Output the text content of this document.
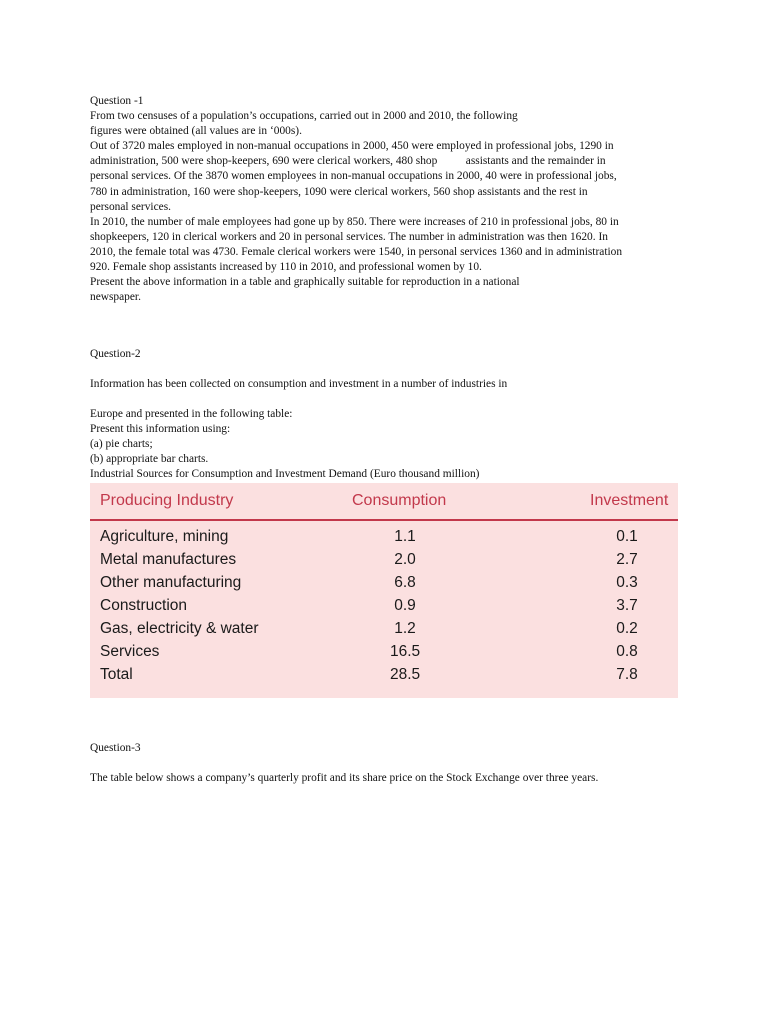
Question -1
From two censuses of a population’s occupations, carried out in 2000 and 2010, the following
figures were obtained (all values are in ‘000s).
Out of 3720 males employed in non-manual occupations in 2000, 450 were employed in professional jobs, 1290 in
administration, 500 were shop-keepers, 690 were clerical workers, 480 shop          assistants and the remainder in
personal services. Of the 3870 women employees in non-manual occupations in 2000, 40 were in professional jobs,
780 in administration, 160 were shop-keepers, 1090 were clerical workers, 560 shop assistants and the rest in
personal services.
In 2010, the number of male employees had gone up by 850. There were increases of 210 in professional jobs, 80 in
shopkeepers, 120 in clerical workers and 20 in personal services. The number in administration was then 1620. In
2010, the female total was 4730. Female clerical workers were 1540, in personal services 1360 and in administration
920. Female shop assistants increased by 110 in 2010, and professional women by 10.
Present the above information in a table and graphically suitable for reproduction in a national
newspaper.
Question-2
Information has been collected on consumption and investment in a number of industries in
Europe and presented in the following table:
Present this information using:
(a) pie charts;
(b) appropriate bar charts.
Industrial Sources for Consumption and Investment Demand (Euro thousand million)
Producing Industry	Consumption	Investment
Agriculture, mining	1.1	0.1
Metal manufactures	2.0	2.7
Other manufacturing	6.8	0.3
Construction	0.9	3.7
Gas, electricity & water	1.2	0.2
Services	16.5	0.8
Total	28.5	7.8
Question-3
The table below shows a company’s quarterly profit and its share price on the Stock Exchange over three years.
